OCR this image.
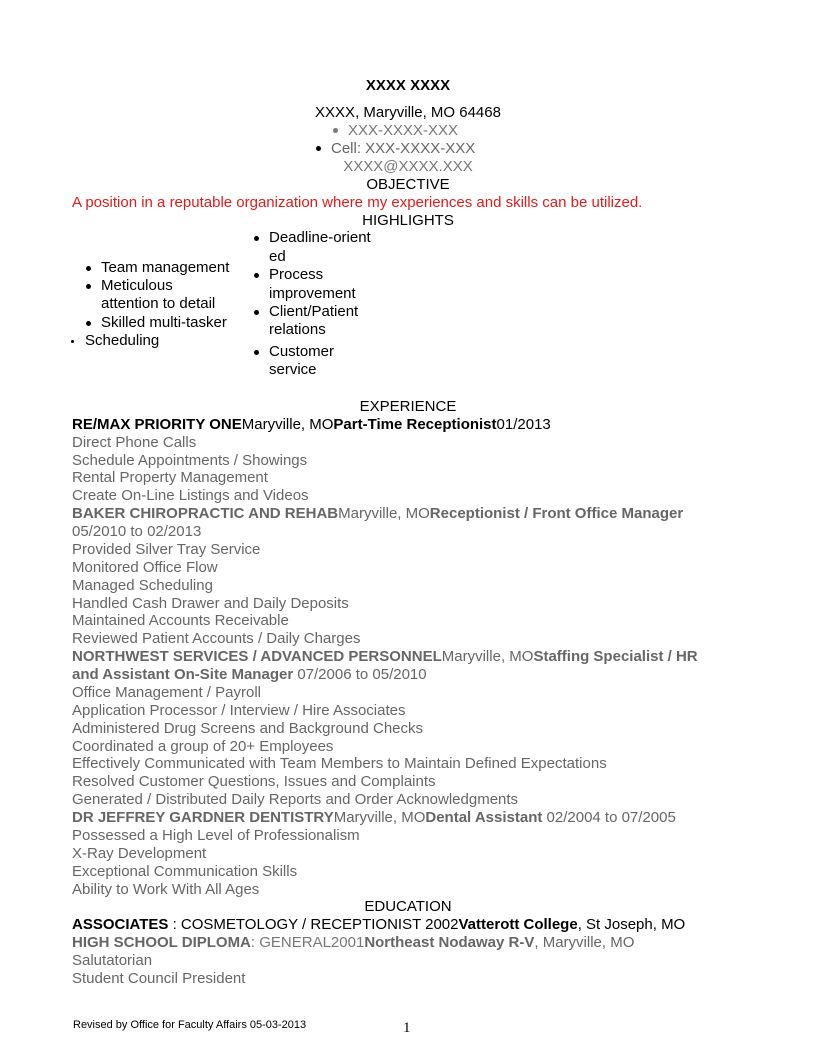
XXXX XXXX
XXXX, Maryville, MO 64468
XXX-XXXX-XXX
Cell: XXX-XXXX-XXX
XXXX@XXXX.XXX
OBJECTIVE
A position in a reputable organization where my experiences and skills can be utilized.
HIGHLIGHTS
Team management
Meticulous
attention to detail
Skilled multi-tasker
Scheduling
Deadline-orient
ed
Process
improvement
Client/Patient
relations
Customer
service
EXPERIENCE
RE/MAX PRIORITY ONEMaryville, MOPart-Time Receptionist01/2013
Direct Phone Calls
Schedule Appointments / Showings
Rental Property Management
Create On-Line Listings and Videos
BAKER CHIROPRACTIC AND REHABMaryville, MOReceptionist / Front Office Manager
05/2010 to 02/2013
Provided Silver Tray Service
Monitored Office Flow
Managed Scheduling
Handled Cash Drawer and Daily Deposits
Maintained Accounts Receivable
Reviewed Patient Accounts / Daily Charges
NORTHWEST SERVICES / ADVANCED PERSONNELMaryville, MOStaffing Specialist / HR
and Assistant On-Site Manager 07/2006 to 05/2010
Office Management / Payroll
Application Processor / Interview / Hire Associates
Administered Drug Screens and Background Checks
Coordinated a group of 20+ Employees
Effectively Communicated with Team Members to Maintain Defined Expectations
Resolved Customer Questions, Issues and Complaints
Generated / Distributed Daily Reports and Order Acknowledgments
DR JEFFREY GARDNER DENTISTRYMaryville, MODental Assistant 02/2004 to 07/2005
Possessed a High Level of Professionalism
X-Ray Development
Exceptional Communication Skills
Ability to Work With All Ages
EDUCATION
ASSOCIATES : COSMETOLOGY / RECEPTIONIST 2002Vatterott College, St Joseph, MO
HIGH SCHOOL DIPLOMA: GENERAL2001Northeast Nodaway R-V, Maryville, MO
Salutatorian
Student Council President
Revised by Office for Faculty Affairs 05-03-2013	1
